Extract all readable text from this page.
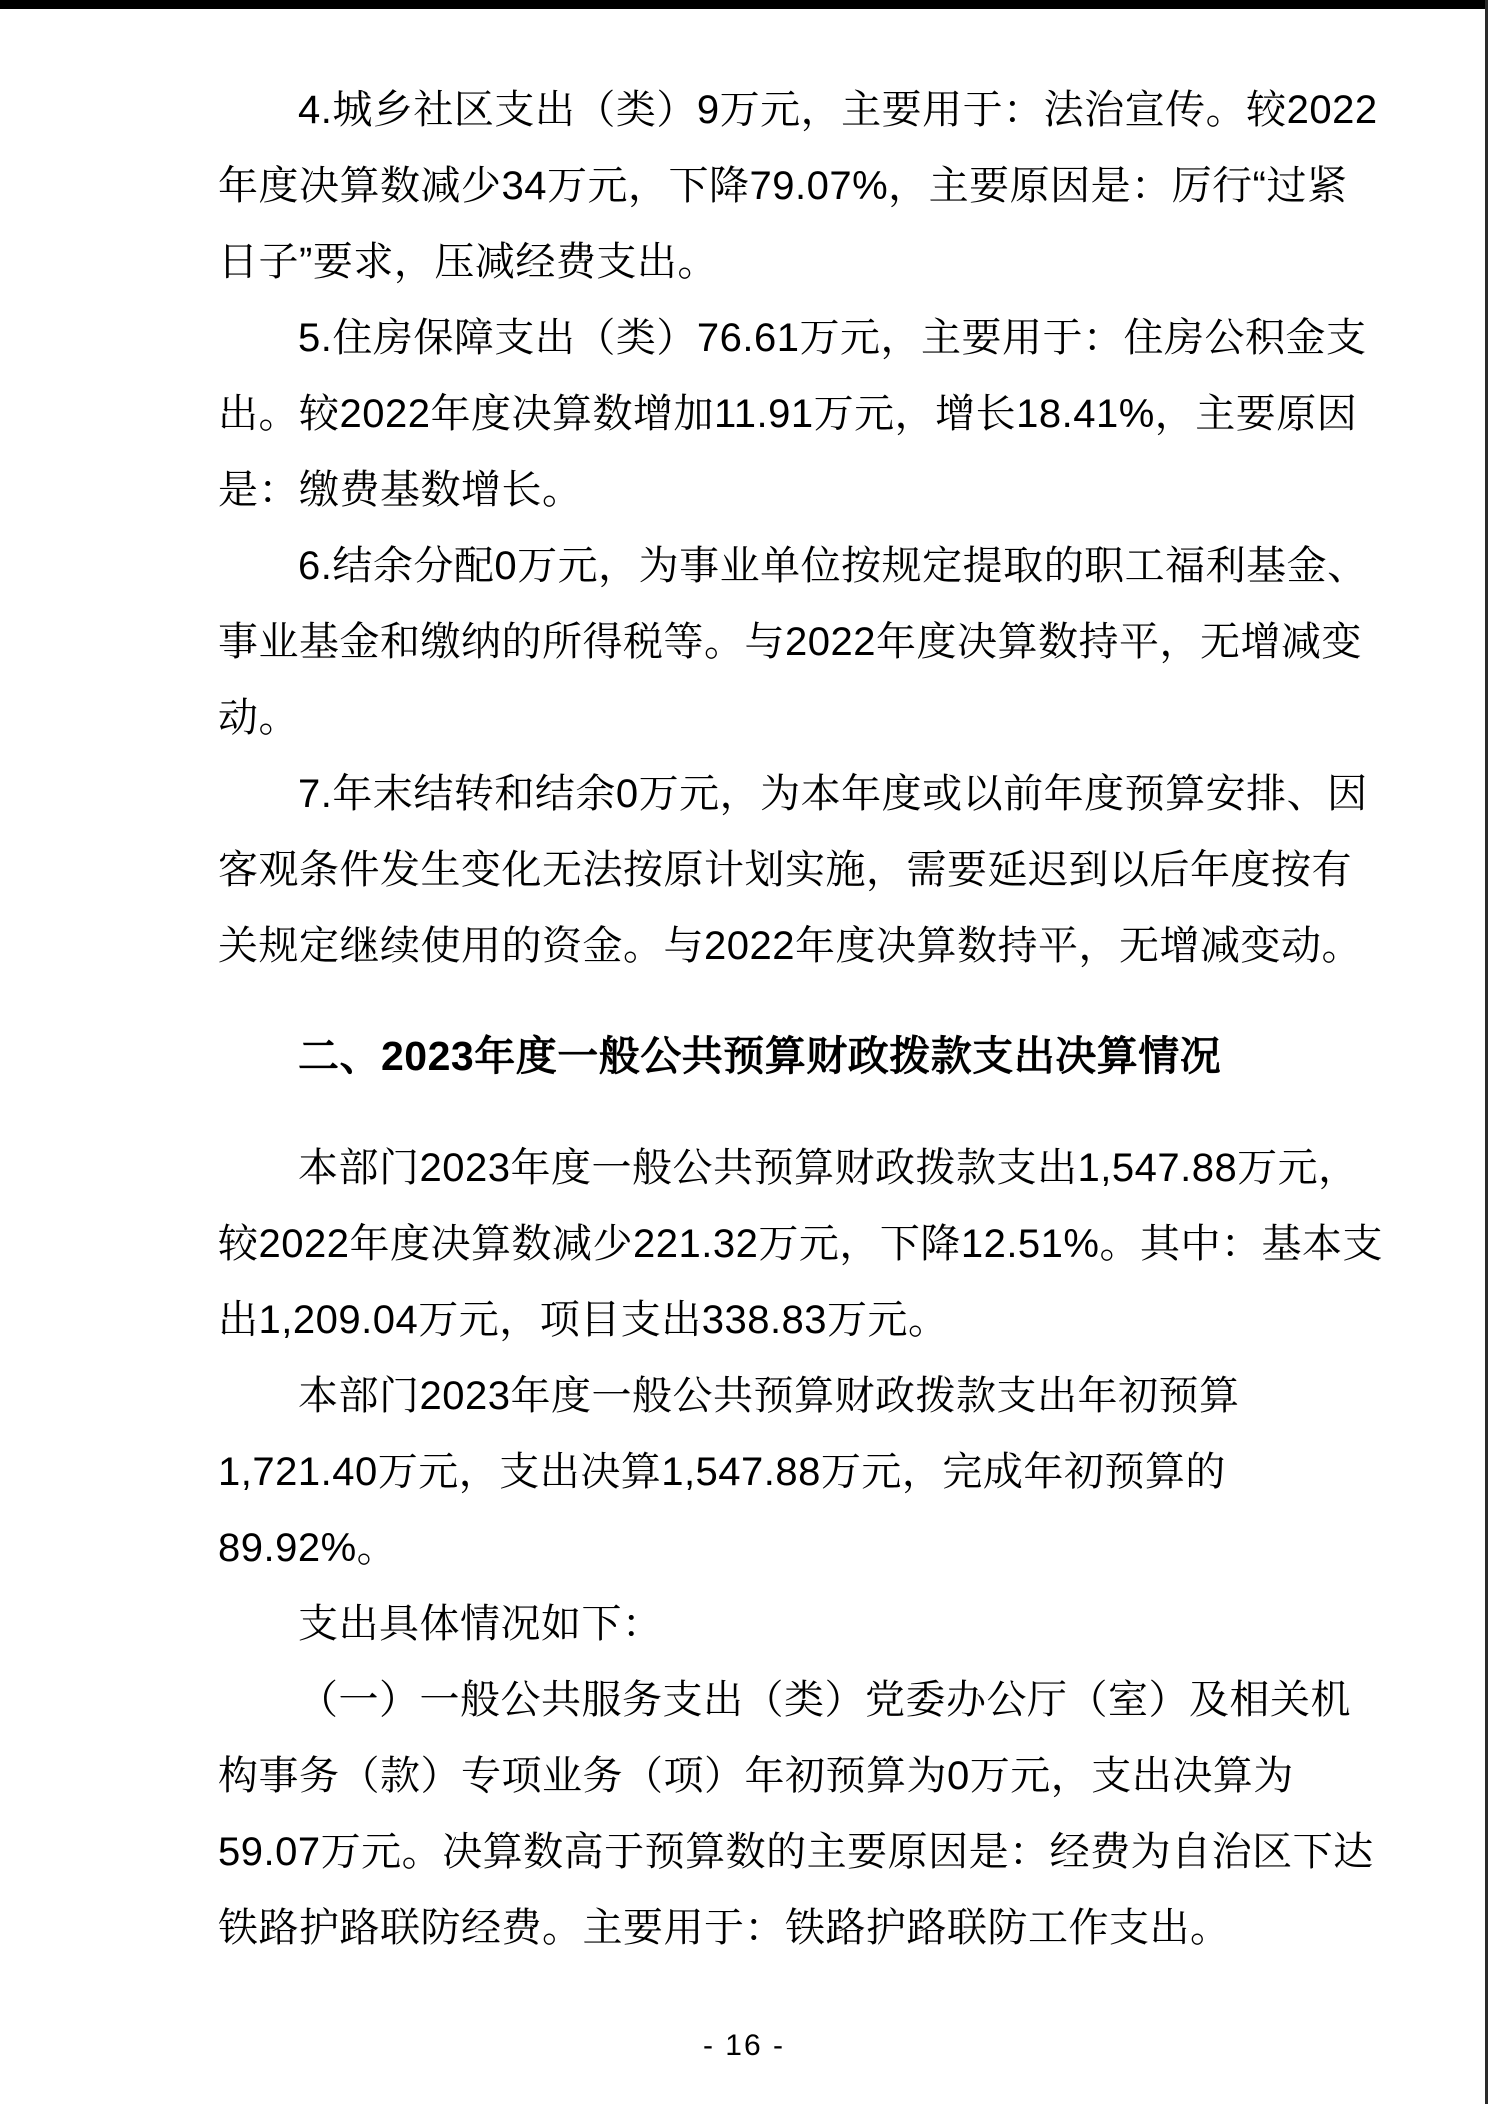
4.城乡社区支出（类）9万元，主要用于：法治宣传。较2022
年度决算数减少34万元，下降79.07%，主要原因是：厉行“过紧
日子”要求，压减经费支出。
5.住房保障支出（类）76.61万元，主要用于：住房公积金支
出。较2022年度决算数增加11.91万元，增长18.41%，主要原因
是：缴费基数增长。
6.结余分配0万元，为事业单位按规定提取的职工福利基金、
事业基金和缴纳的所得税等。与2022年度决算数持平，无增减变
动。
7.年末结转和结余0万元，为本年度或以前年度预算安排、因
客观条件发生变化无法按原计划实施，需要延迟到以后年度按有
关规定继续使用的资金。与2022年度决算数持平，无增减变动。
二、2023年度一般公共预算财政拨款支出决算情况
本部门2023年度一般公共预算财政拨款支出1,547.88万元，
较2022年度决算数减少221.32万元，下降12.51%。其中：基本支
出1,209.04万元，项目支出338.83万元。
本部门2023年度一般公共预算财政拨款支出年初预算
1,721.40万元，支出决算1,547.88万元，完成年初预算的
89.92%。
支出具体情况如下：
（一）一般公共服务支出（类）党委办公厅（室）及相关机
构事务（款）专项业务（项）年初预算为0万元，支出决算为
59.07万元。决算数高于预算数的主要原因是：经费为自治区下达
铁路护路联防经费。主要用于：铁路护路联防工作支出。
- 16 -
